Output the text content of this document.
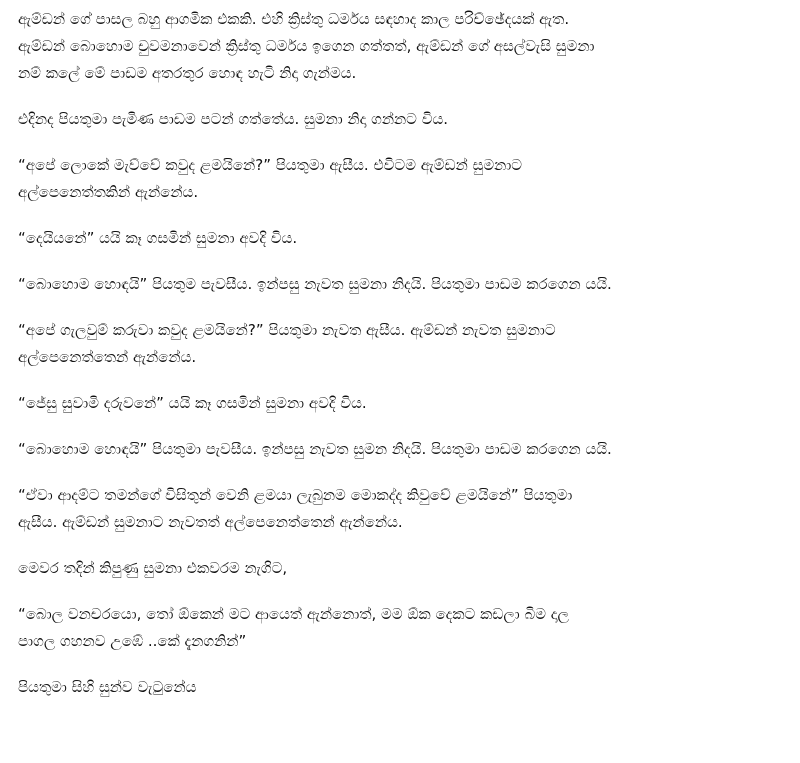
ඇම්ඩන් ගේ පාසල බහු ආගමික එකකි. එහි ක්‍රිස්තු ධර්මය සඳහාද කාල පරිච්ඡේදයක් ඇත.
ඇම්ඩන් බොහොම චුවමනාවෙන් ක්‍රිස්තු ධර්මය ඉගෙන ගත්තත්, ඇම්ඩන් ගේ අසල්වැසි සුමනා
නම් කලේ මේ පාඩම අතරතුර හොඳ හැටි නිදා ගැන්මය.

එදිනද පියතුමා පැමිණ පාඩම පටන් ගත්තේය. සුමනා නිදා ගන්නට විය.

“අපේ ලොකේ මැව්වේ කවුද ළමයිනේ?” පියතුමා ඇසීය. එවිටම ඇම්ඩන් සුමනාට
අල්පෙනෙත්තකින් ඇන්නේය.

“දෙයියනේ” යයි කෑ ගසමින් සුමනා අවදි විය.

“බොහොම හොඳයි” පියතුම පැවසීය. ඉන්පසු නැවත සුමනා නිදයි. පියතුමා පාඩම කරගෙන යයි.

“අපේ ගැලවුම් කරුවා කවුද ළමයිනේ?” පියතුමා නැවත ඇසීය. ඇම්ඩන් නැවත සුමනාට
අල්පෙනෙත්තෙන් ඇන්නේය.

“ජේසු සුවාමි දරුවනේ” යයි කෑ ගසමින් සුමනා අවදි විය.

“බොහොම හොඳයි” පියතුමා පැවසීය. ඉන්පසු නැවත සුමන නිදයි. පියතුමා පාඩම කරගෙන යයි.

“ඒවා ආදම්ට තමන්ගේ විසිතුන් වෙනි ළමයා ලැබුනම මොකද්ද කිවුවේ ළමයිනේ” පියතුමා
ඇසීය. ඇම්ඩන් සුමනාට නැවතත් අල්පෙනෙත්තෙන් ඇන්නේය.

මෙවර තදින් කිපුණු සුමනා එකවරම නැගිට,

“බොල වනචරයො, තෝ ඕකෙන් මට ආයෙත් ඇන්නොත්, මම ඕක දෙකට කඩලා බිම දාල
පාගල ගහනව උඹේ ..කේ දැනගනින්”

පියතුමා සිහි සුන්ව වැටුනේය
